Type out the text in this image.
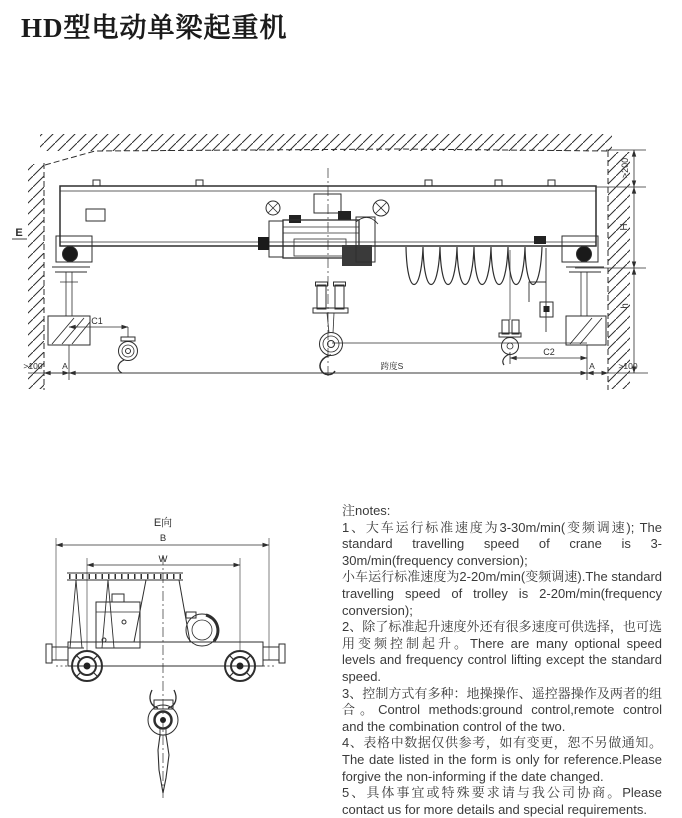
HD型电动单梁起重机
E
>200
H
h
>100	>100
A	A
C1
C2
跨度S
E向
B
W

注notes:

1、大车运行标准速度为3-30m/min(变频调速); The standard travelling speed of crane is 3-30m/min(frequency conversion);

小车运行标准速度为2-20m/min(变频调速).The standard travelling speed of trolley is 2-20m/min(frequency conversion);

2、除了标准起升速度外还有很多速度可供选择，也可选用变频控制起升。There are many optional speed levels and frequency control lifting except the standard speed.

3、控制方式有多种：地操操作、遥控器操作及两者的组合。Control methods:ground control,remote control and the combination control of the two.

4、表格中数据仅供参考，如有变更，恕不另做通知。The date listed in the form is only for reference.Please forgive the non-informing if the date changed.

5、具体事宜或特殊要求请与我公司协商。Please contact us for more details and special requirements.
